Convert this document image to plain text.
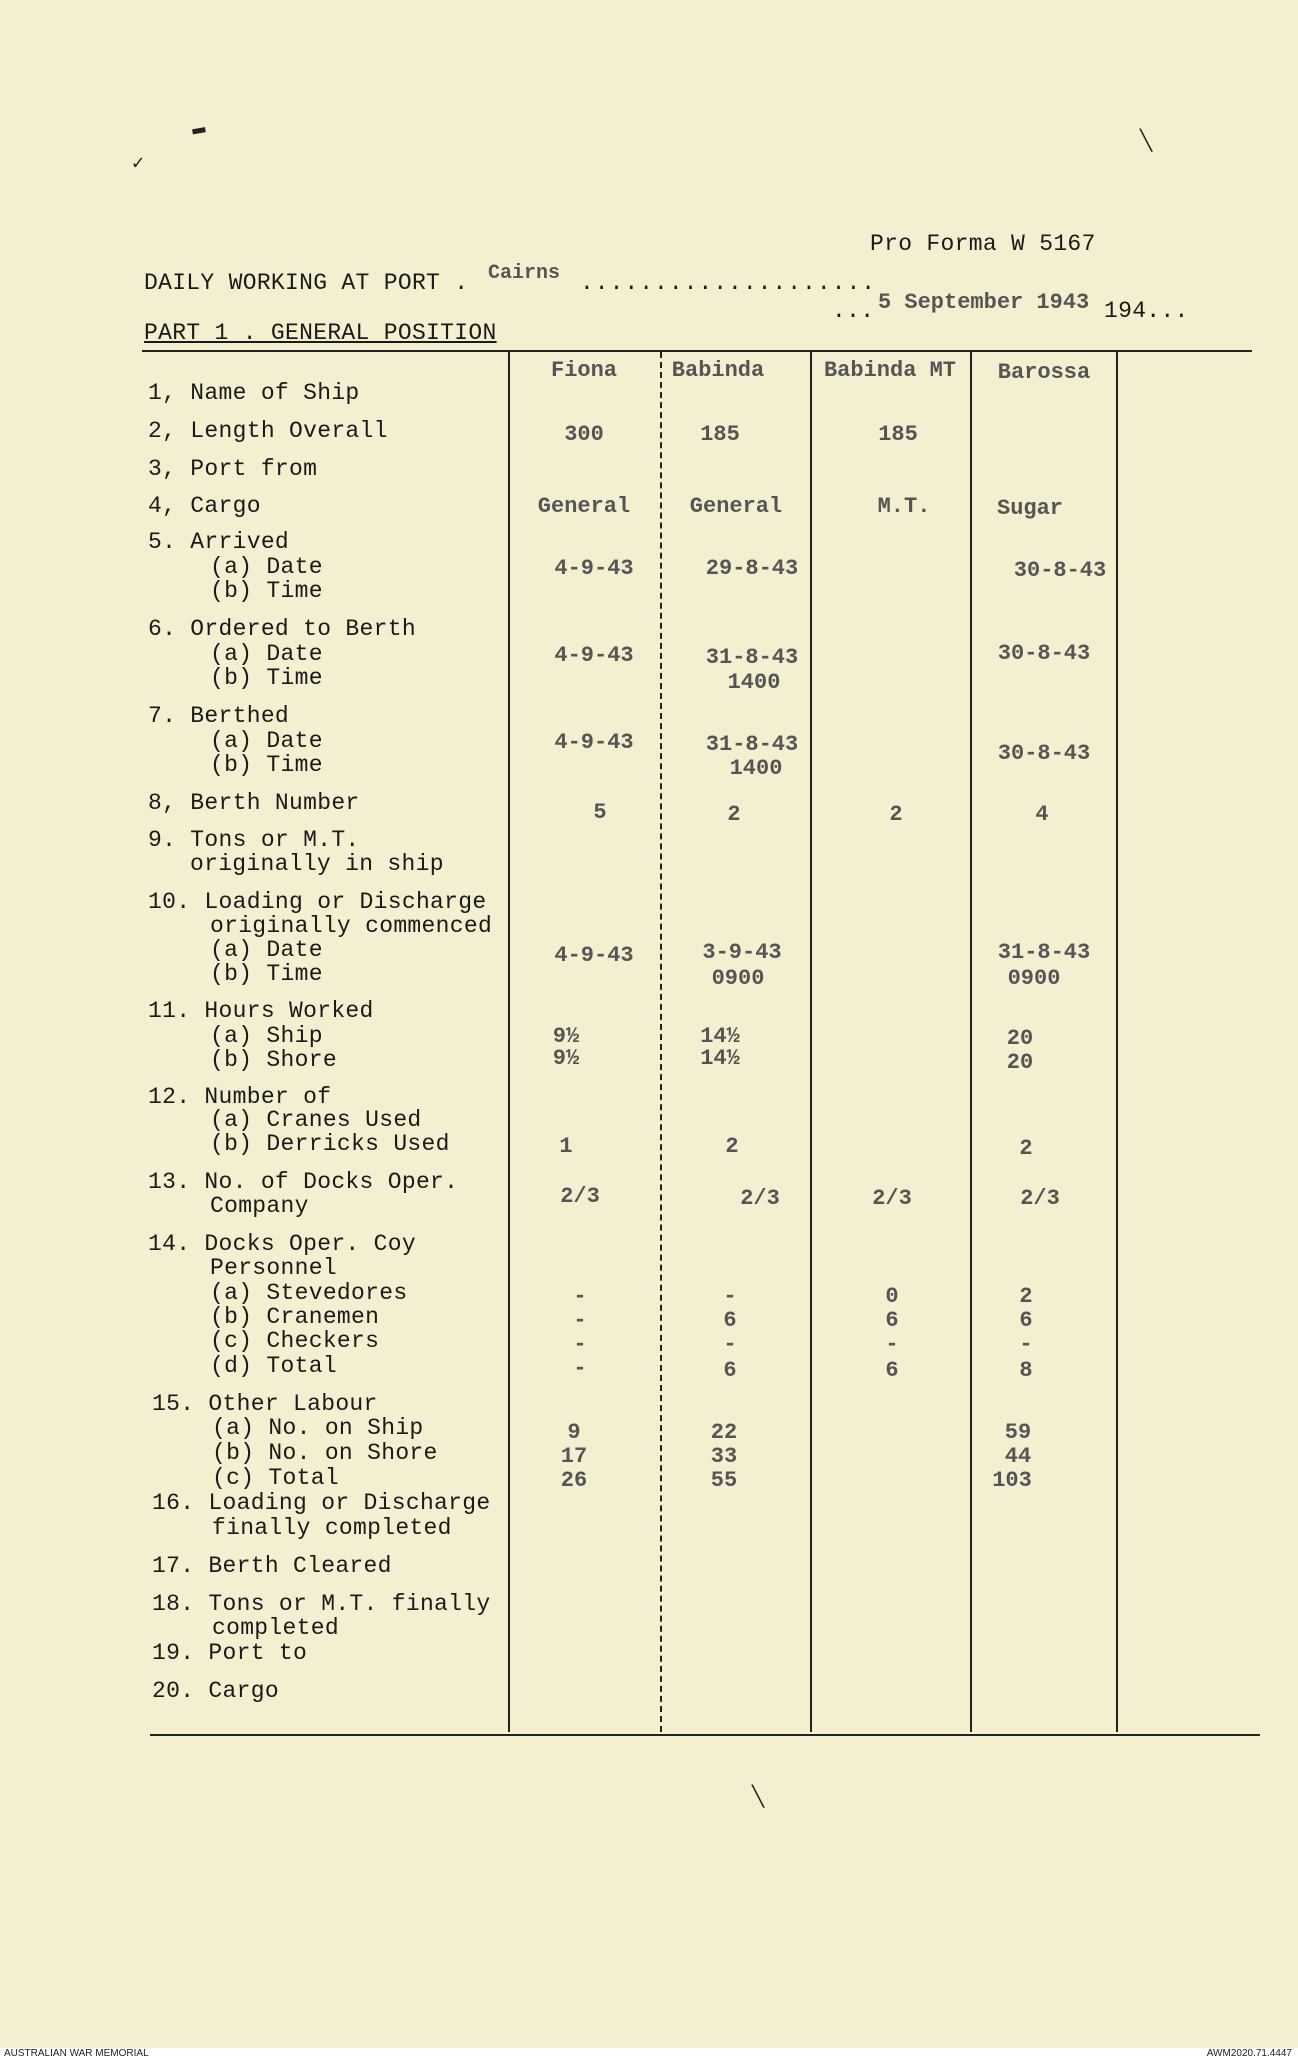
Pro Forma W 5167
DAILY WORKING AT PORT . Cairns ....................
... 5 September 1943 194...
PART 1 . GENERAL POSITION
Fiona Babinda	Babinda MT Barossa
1, Name of Ship
2, Length Overall
3, Port from
4, Cargo
5. Arrived
(a) Date
(b) Time
6. Ordered to Berth
(a) Date
(b) Time
7. Berthed
(a) Date
(b) Time
8, Berth Number
9. Tons or M.T.
originally in ship
10. Loading or Discharge
originally commenced
(a) Date
(b) Time
11. Hours Worked
(a) Ship
(b) Shore
12. Number of
(a) Cranes Used
(b) Derricks Used
13. No. of Docks Oper.
Company
14. Docks Oper. Coy
Personnel
(a) Stevedores
(b) Cranemen
(c) Checkers
(d) Total
15. Other Labour
(a) No. on Ship
(b) No. on Shore
(c) Total
16. Loading or Discharge
finally completed
17. Berth Cleared
18. Tons or M.T. finally
completed
19. Port to
20. Cargo
300
General
4-9-43
4-9-43
4-9-43
5
4-9-43
9½
9½
1
2/3
-
-
-
-
9
17
26
185
General
29-8-43
31-8-43
1400
31-8-43
1400
2
3-9-43
0900
14½
14½
2
2/3
-
6
-
6
22
33
55
185
M.T.
2
2/3
0
6
-
6
Sugar
30-8-43
30-8-43
30-8-43
4
31-8-43
0900
20
20
2
2/3
2
6
-
8
59
44
103
▬
✓
╲
╲
AUSTRALIAN WAR MEMORIAL	AWM2020.71.4447
